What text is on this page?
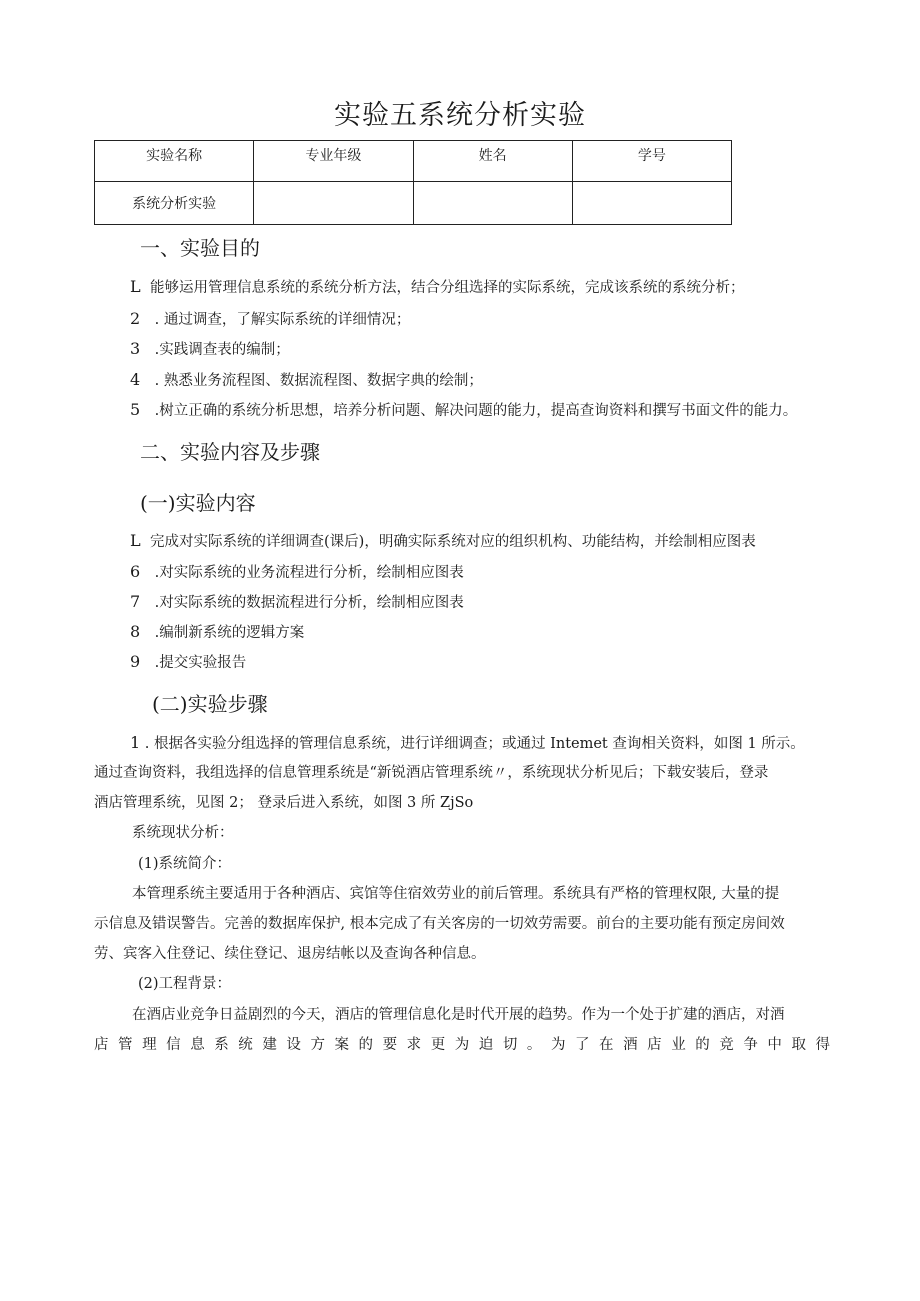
实验五系统分析实验
实验名称	专业年级	姓名	学号
系统分析实验			
一、实验目的
L 能够运用管理信息系统的系统分析方法，结合分组选择的实际系统，完成该系统的系统分析；
2 . 通过调查，了解实际系统的详细情况；
3 .实践调查表的编制；
4 . 熟悉业务流程图、数据流程图、数据字典的绘制；
5 .树立正确的系统分析思想，培养分析问题、解决问题的能力，提高查询资料和撰写书面文件的能力。
二、实验内容及步骤
(一)实验内容
L 完成对实际系统的详细调查(课后)，明确实际系统对应的组织机构、功能结构，并绘制相应图表
6 .对实际系统的业务流程进行分析，绘制相应图表
7 .对实际系统的数据流程进行分析，绘制相应图表
8 .编制新系统的逻辑方案
9 .提交实验报告
(二)实验步骤
1 . 根据各实验分组选择的管理信息系统，进行详细调查；或通过 Intemet 查询相关资料，如图 1 所示。
通过查询资料，我组选择的信息管理系统是“新锐酒店管理系统〃，系统现状分析见后；下载安装后，登录
酒店管理系统，见图 2； 登录后进入系统，如图 3 所 ZjSo
系统现状分析：
(1)系统简介：
本管理系统主要适用于各种酒店、宾馆等住宿效劳业的前后管理。系统具有严格的管理权限, 大量的提
示信息及错误警告。完善的数据库保护, 根本完成了有关客房的一切效劳需要。前台的主要功能有预定房间效
劳、宾客入住登记、续住登记、退房结帐以及查询各种信息。
(2)工程背景：
在酒店业竞争日益剧烈的今天，酒店的管理信息化是时代开展的趋势。作为一个处于扩建的酒店，对酒
店管理信息系统建设方案的要求更为迫切。为了在酒店业的竞争中取得
